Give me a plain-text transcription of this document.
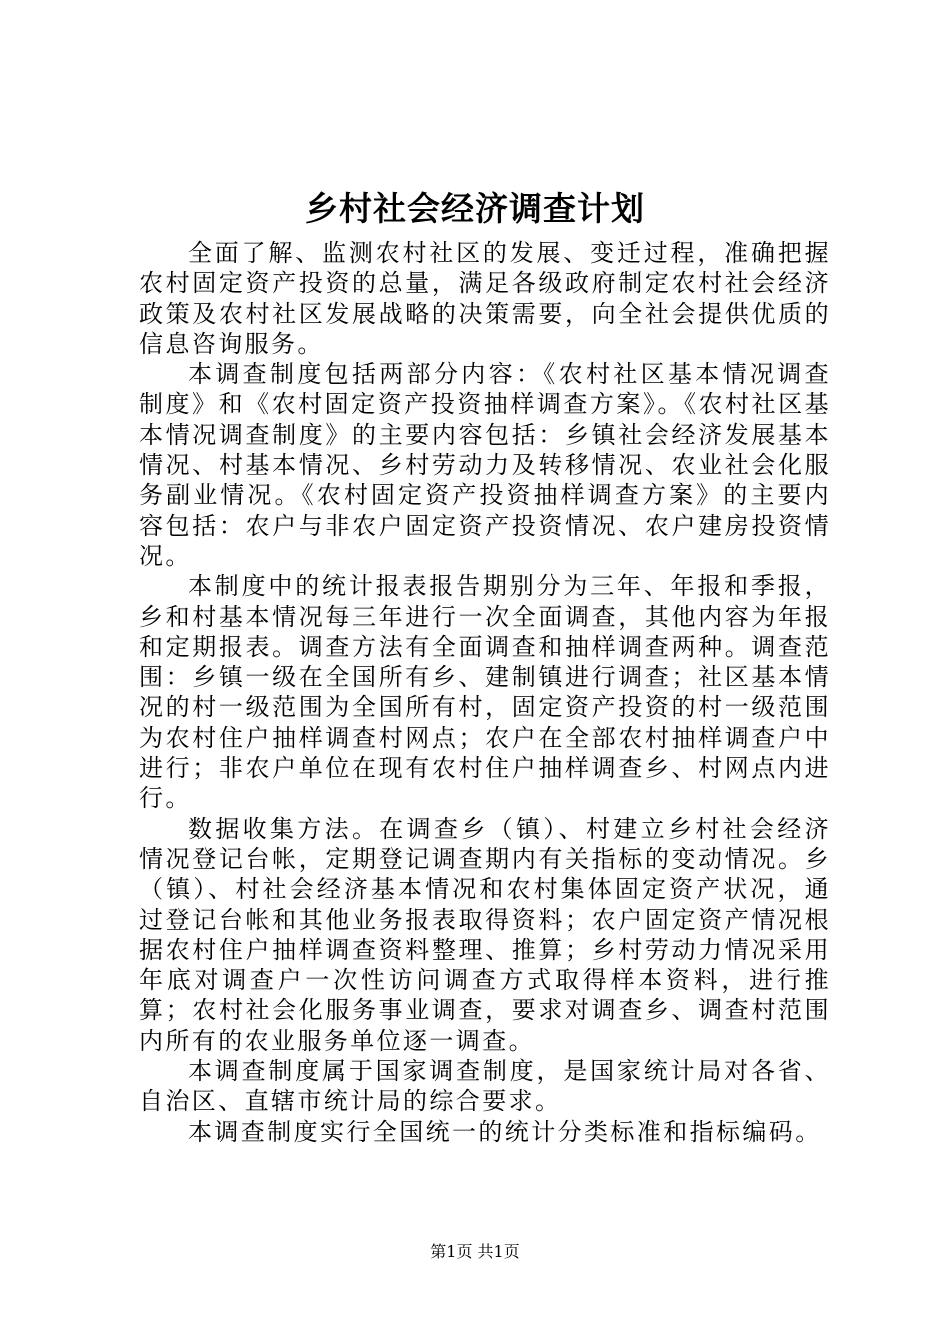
乡村社会经济调查计划

全面了解、监测农村社区的发展、变迁过程，准确把握农村固定资产投资的总量，满足各级政府制定农村社会经济政策及农村社区发展战略的决策需要，向全社会提供优质的信息咨询服务。

本调查制度包括两部分内容：《农村社区基本情况调查制度》和《农村固定资产投资抽样调查方案》。《农村社区基本情况调查制度》的主要内容包括：乡镇社会经济发展基本情况、村基本情况、乡村劳动力及转移情况、农业社会化服务副业情况。《农村固定资产投资抽样调查方案》的主要内容包括：农户与非农户固定资产投资情况、农户建房投资情况。

本制度中的统计报表报告期别分为三年、年报和季报，乡和村基本情况每三年进行一次全面调查，其他内容为年报和定期报表。调查方法有全面调查和抽样调查两种。调查范围：乡镇一级在全国所有乡、建制镇进行调查；社区基本情况的村一级范围为全国所有村，固定资产投资的村一级范围为农村住户抽样调查村网点；农户在全部农村抽样调查户中进行；非农户单位在现有农村住户抽样调查乡、村网点内进行。

数据收集方法。在调查乡（镇）、村建立乡村社会经济情况登记台帐，定期登记调查期内有关指标的变动情况。乡（镇）、村社会经济基本情况和农村集体固定资产状况，通过登记台帐和其他业务报表取得资料；农户固定资产情况根据农村住户抽样调查资料整理、推算；乡村劳动力情况采用年底对调查户一次性访问调查方式取得样本资料，进行推算；农村社会化服务事业调查，要求对调查乡、调查村范围内所有的农业服务单位逐一调查。

本调查制度属于国家调查制度，是国家统计局对各省、自治区、直辖市统计局的综合要求。

本调查制度实行全国统一的统计分类标准和指标编码。

第1页 共1页
